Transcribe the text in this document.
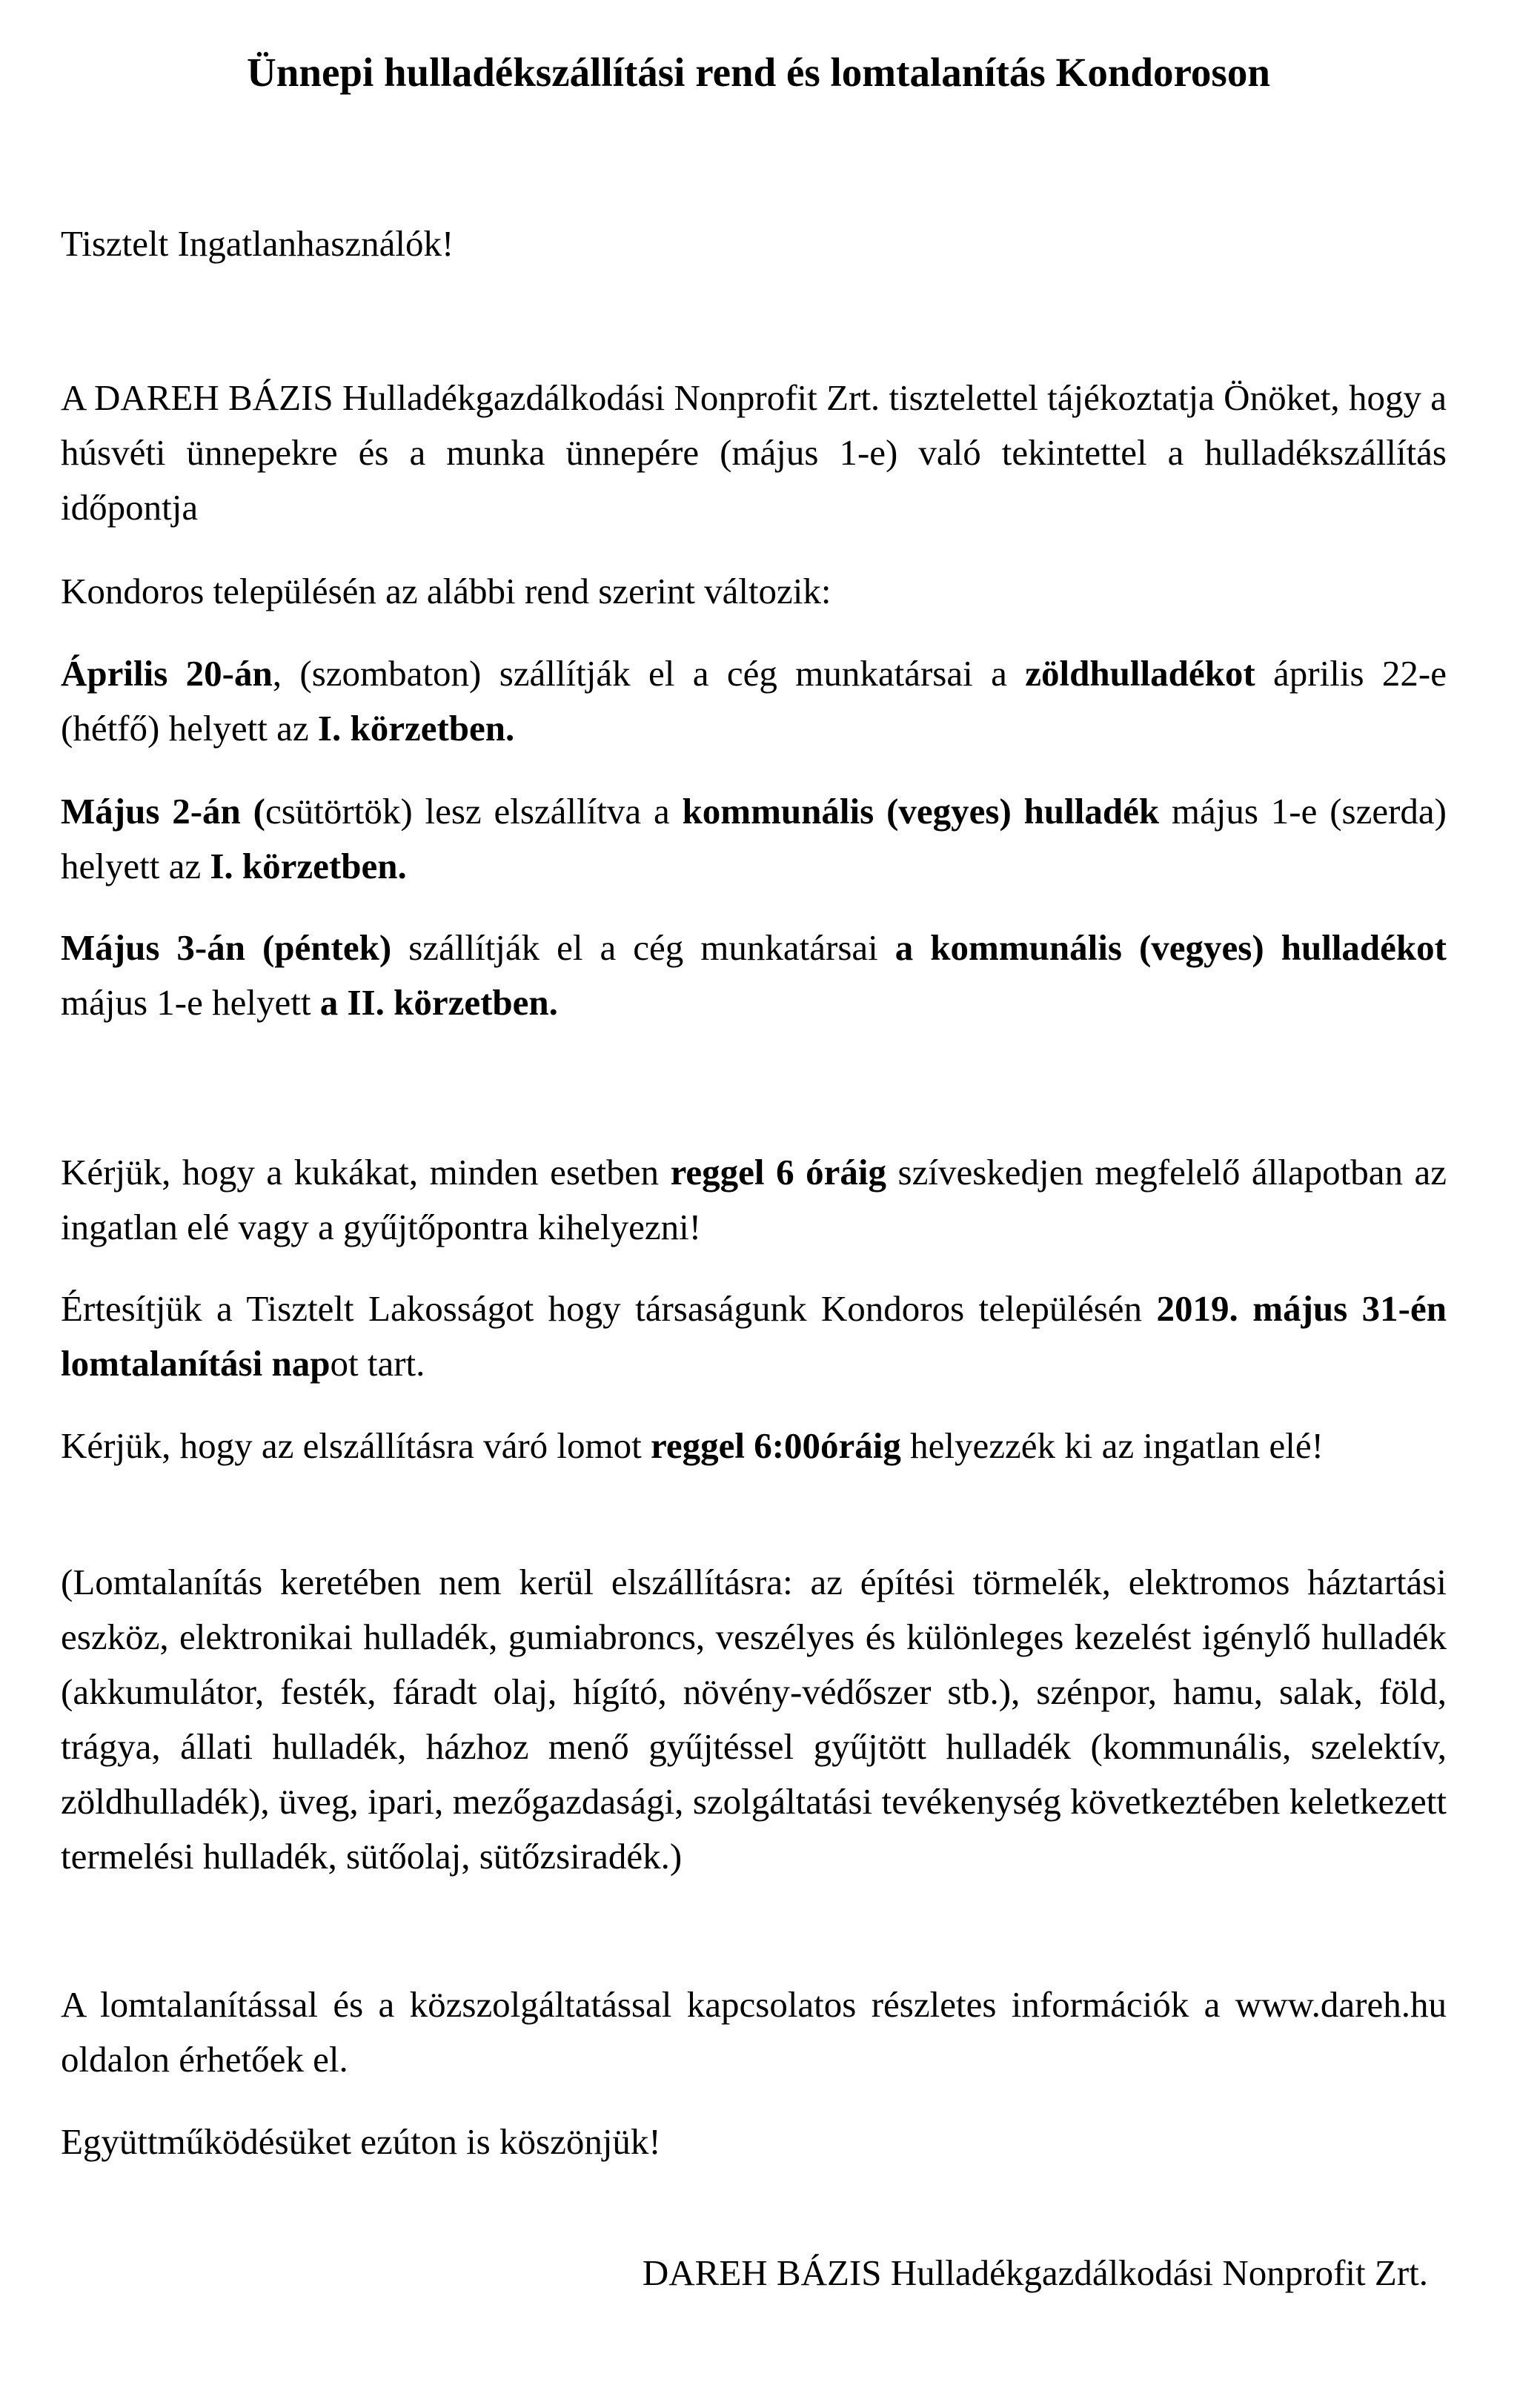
Ünnepi hulladékszállítási rend és lomtalanítás Kondoroson

Tisztelt Ingatlanhasználók!

A DAREH BÁZIS Hulladékgazdálkodási Nonprofit Zrt. tisztelettel tájékoztatja Önöket, hogy a húsvéti ünnepekre és a munka ünnepére (május 1-e) való tekintettel a hulladékszállítás időpontja

Kondoros településén az alábbi rend szerint változik:

Április 20-án, (szombaton) szállítják el a cég munkatársai a zöldhulladékot április 22-e (hétfő) helyett az I. körzetben.

Május 2-án (csütörtök) lesz elszállítva a kommunális (vegyes) hulladék május 1-e (szerda) helyett az I. körzetben.

Május 3-án (péntek) szállítják el a cég munkatársai a kommunális (vegyes) hulladékot május 1-e helyett a II. körzetben.

Kérjük, hogy a kukákat, minden esetben reggel 6 óráig szíveskedjen megfelelő állapotban az ingatlan elé vagy a gyűjtőpontra kihelyezni!

Értesítjük a Tisztelt Lakosságot hogy társaságunk Kondoros településén 2019. május 31-én lomtalanítási napot tart.

Kérjük, hogy az elszállításra váró lomot reggel 6:00óráig helyezzék ki az ingatlan elé!

(Lomtalanítás keretében nem kerül elszállításra: az építési törmelék, elektromos háztartási eszköz, elektronikai hulladék, gumiabroncs, veszélyes és különleges kezelést igénylő hulladék (akkumulátor, festék, fáradt olaj, hígító, növény-védőszer stb.), szénpor, hamu, salak, föld, trágya, állati hulladék, házhoz menő gyűjtéssel gyűjtött hulladék (kommunális, szelektív, zöldhulladék), üveg, ipari, mezőgazdasági, szolgáltatási tevékenység következtében keletkezett termelési hulladék, sütőolaj, sütőzsiradék.)

A lomtalanítással és a közszolgáltatással kapcsolatos részletes információk a www.dareh.hu oldalon érhetőek el.

Együttműködésüket ezúton is köszönjük!

DAREH BÁZIS Hulladékgazdálkodási Nonprofit Zrt.
